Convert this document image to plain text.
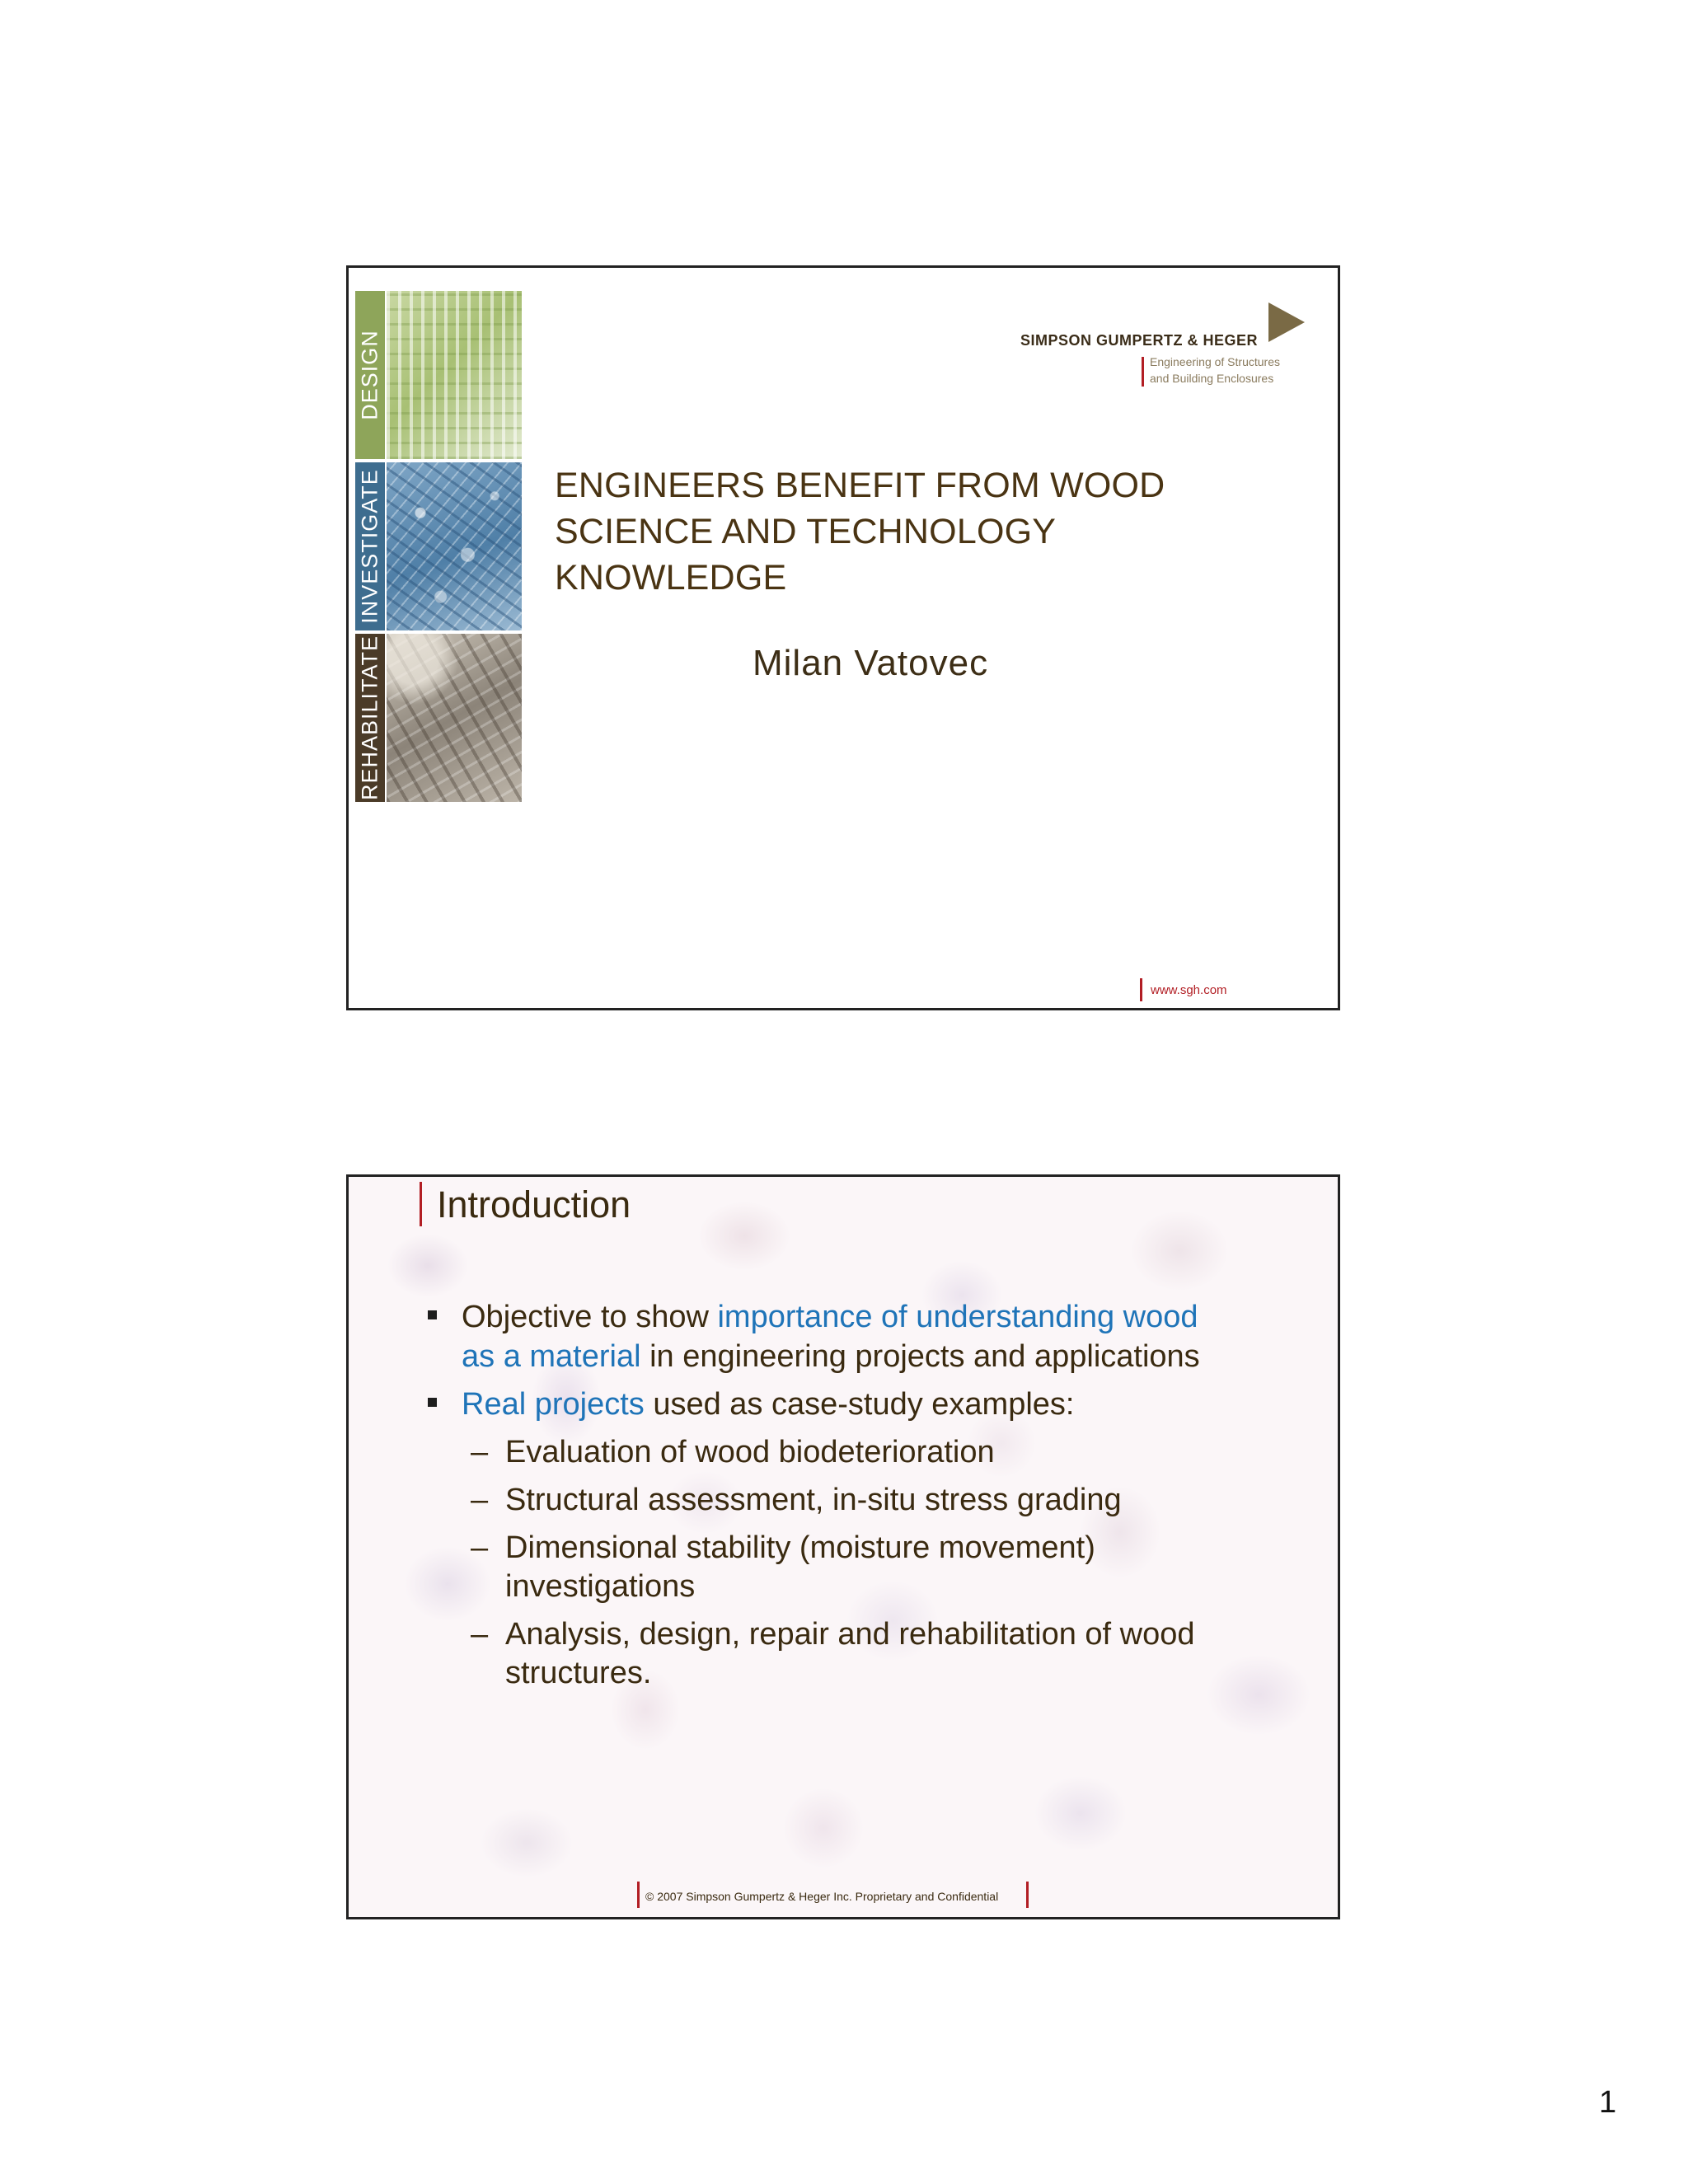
DESIGN
INVESTIGATE
REHABILITATE
SIMPSON GUMPERTZ & HEGER
Engineering of Structures
and Building Enclosures
ENGINEERS BENEFIT FROM WOOD
SCIENCE AND TECHNOLOGY
KNOWLEDGE
Milan Vatovec
www.sgh.com
Introduction
Objective to show importance of understanding wood
as a material in engineering projects and applications
Real projects used as case-study examples:
– Evaluation of wood biodeterioration
– Structural assessment, in-situ stress grading
– Dimensional stability (moisture movement)
investigations
– Analysis, design, repair and rehabilitation of wood
structures.
© 2007 Simpson Gumpertz & Heger Inc. Proprietary and Confidential
1
